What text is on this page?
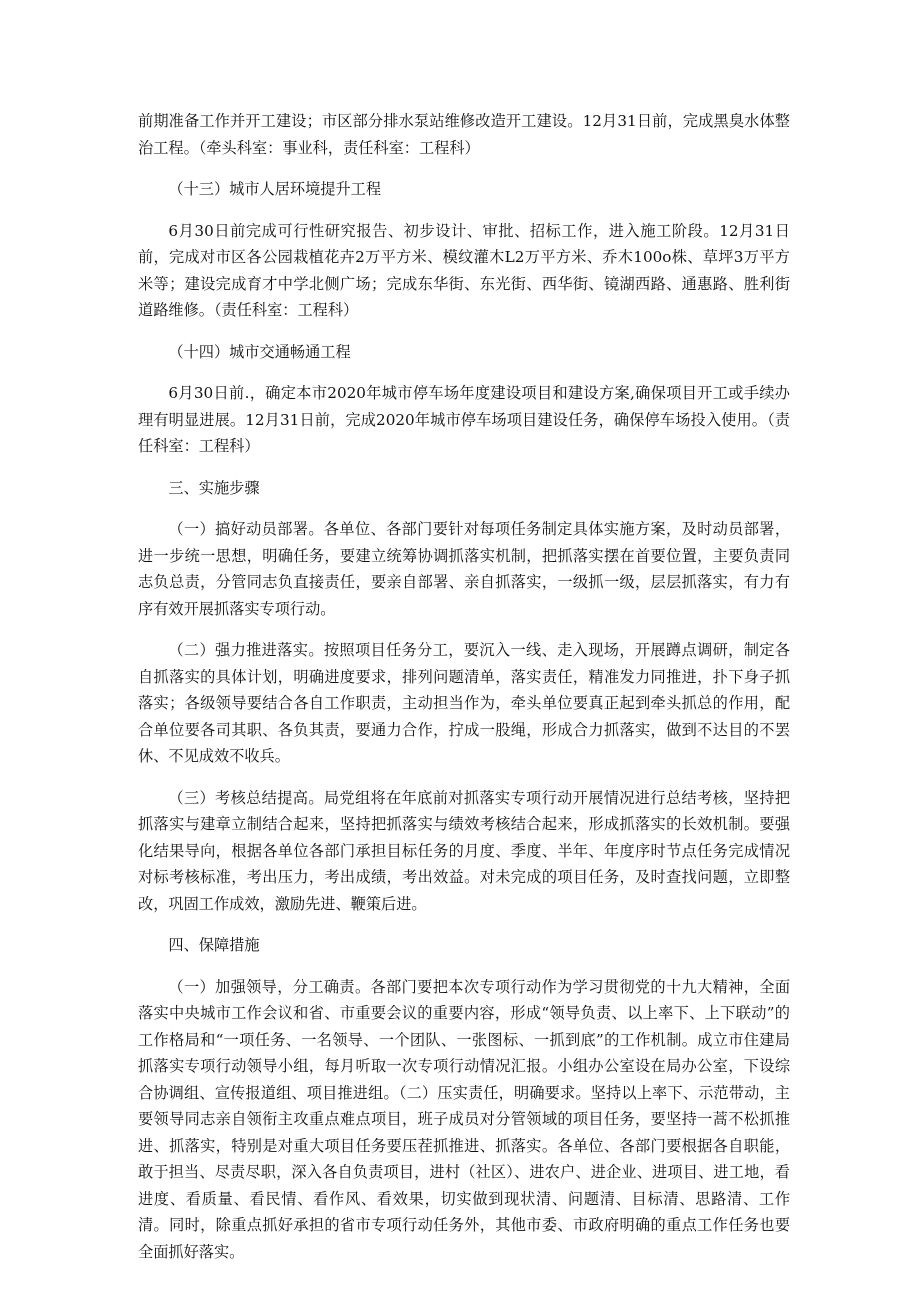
前期准备工作并开工建设；市区部分排水泵站维修改造开工建设。12月31日前，完成黑臭水体整治工程。（牵头科室：事业科，责任科室：工程科）

（十三）城市人居环境提升工程

6月30日前完成可行性研究报告、初步设计、审批、招标工作，进入施工阶段。12月31日前，完成对市区各公园栽植花卉2万平方米、模纹灌木L2万平方米、乔木100o株、草坪3万平方米等；建设完成育才中学北侧广场；完成东华街、东光街、西华街、镜湖西路、通惠路、胜利街道路维修。（责任科室：工程科）

（十四）城市交通畅通工程

6月30日前.，确定本市2020年城市停车场年度建设项目和建设方案,确保项目开工或手续办理有明显进展。12月31日前，完成2020年城市停车场项目建设任务，确保停车场投入使用。（责任科室：工程科）

三、实施步骤

（一）搞好动员部署。各单位、各部门要针对每项任务制定具体实施方案，及时动员部署，进一步统一思想，明确任务，要建立统筹协调抓落实机制，把抓落实摆在首要位置，主要负责同志负总责，分管同志负直接责任，要亲自部署、亲自抓落实，一级抓一级，层层抓落实，有力有序有效开展抓落实专项行动。

（二）强力推进落实。按照项目任务分工，要沉入一线、走入现场，开展蹲点调研，制定各自抓落实的具体计划，明确进度要求，排列问题清单，落实责任，精准发力同推进，扑下身子抓落实；各级领导要结合各自工作职责，主动担当作为，牵头单位要真正起到牵头抓总的作用，配合单位要各司其职、各负其责，要通力合作，拧成一股绳，形成合力抓落实，做到不达目的不罢休、不见成效不收兵。

（三）考核总结提高。局党组将在年底前对抓落实专项行动开展情况进行总结考核，坚持把抓落实与建章立制结合起来，坚持把抓落实与绩效考核结合起来，形成抓落实的长效机制。要强化结果导向，根据各单位各部门承担目标任务的月度、季度、半年、年度序时节点任务完成情况对标考核标准，考出压力，考出成绩，考出效益。对未完成的项目任务，及时查找问题，立即整改，巩固工作成效，激励先进、鞭策后进。

四、保障措施

（一）加强领导，分工确责。各部门要把本次专项行动作为学习贯彻党的十九大精神，全面落实中央城市工作会议和省、市重要会议的重要内容，形成“领导负责、以上率下、上下联动”的工作格局和“一项任务、一名领导、一个团队、一张图标、一抓到底”的工作机制。成立市住建局抓落实专项行动领导小组，每月听取一次专项行动情况汇报。小组办公室设在局办公室，下设综合协调组、宣传报道组、项目推进组。（二）压实责任，明确要求。坚持以上率下、示范带动，主要领导同志亲自领衔主攻重点难点项目，班子成员对分管领域的项目任务，要坚持一蒿不松抓推进、抓落实，特别是对重大项目任务要压茬抓推进、抓落实。各单位、各部门要根据各自职能，敢于担当、尽责尽职，深入各自负责项目，进村（社区）、进农户、进企业、进项目、进工地，看进度、看质量、看民情、看作风、看效果，切实做到现状清、问题清、目标清、思路清、工作清。同时，除重点抓好承担的省市专项行动任务外，其他市委、市政府明确的重点工作任务也要全面抓好落实。
